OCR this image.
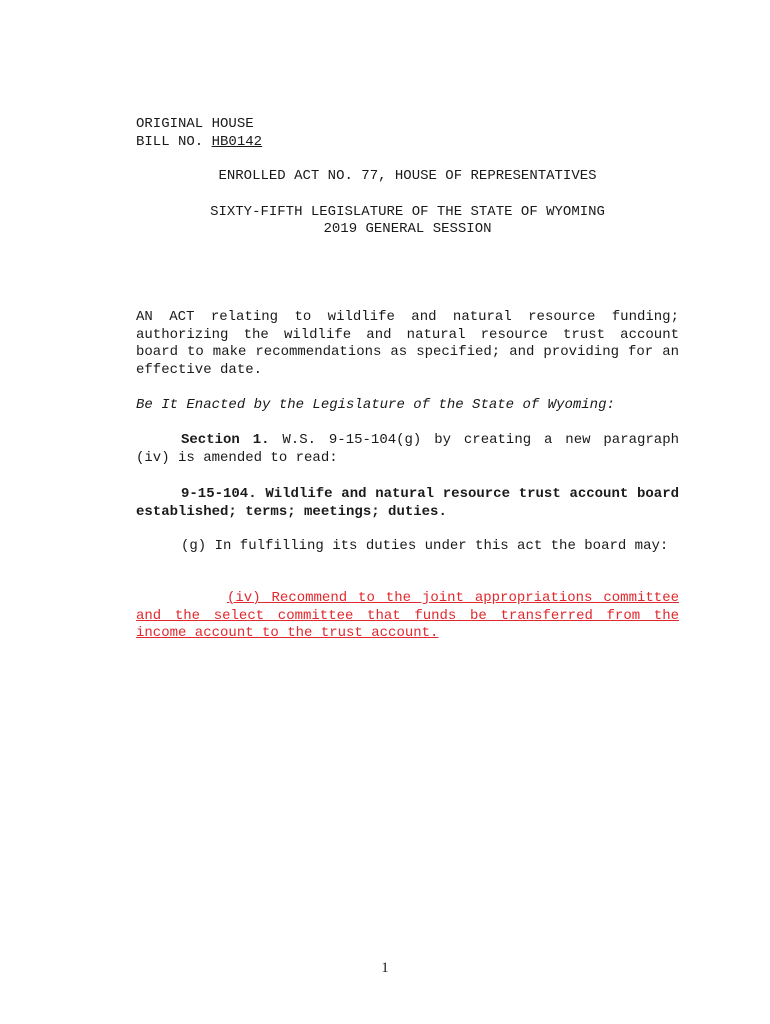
ORIGINAL HOUSE
BILL NO. HB0142
ENROLLED ACT NO. 77, HOUSE OF REPRESENTATIVES
SIXTY-FIFTH LEGISLATURE OF THE STATE OF WYOMING
2019 GENERAL SESSION
AN ACT relating to wildlife and natural resource funding; authorizing the wildlife and natural resource trust account board to make recommendations as specified; and providing for an effective date.
Be It Enacted by the Legislature of the State of Wyoming:
Section 1. W.S. 9-15-104(g) by creating a new paragraph (iv) is amended to read:
9-15-104. Wildlife and natural resource trust account board established; terms; meetings; duties.
(g) In fulfilling its duties under this act the board may:
(iv) Recommend to the joint appropriations committee and the select committee that funds be transferred from the income account to the trust account.
1
